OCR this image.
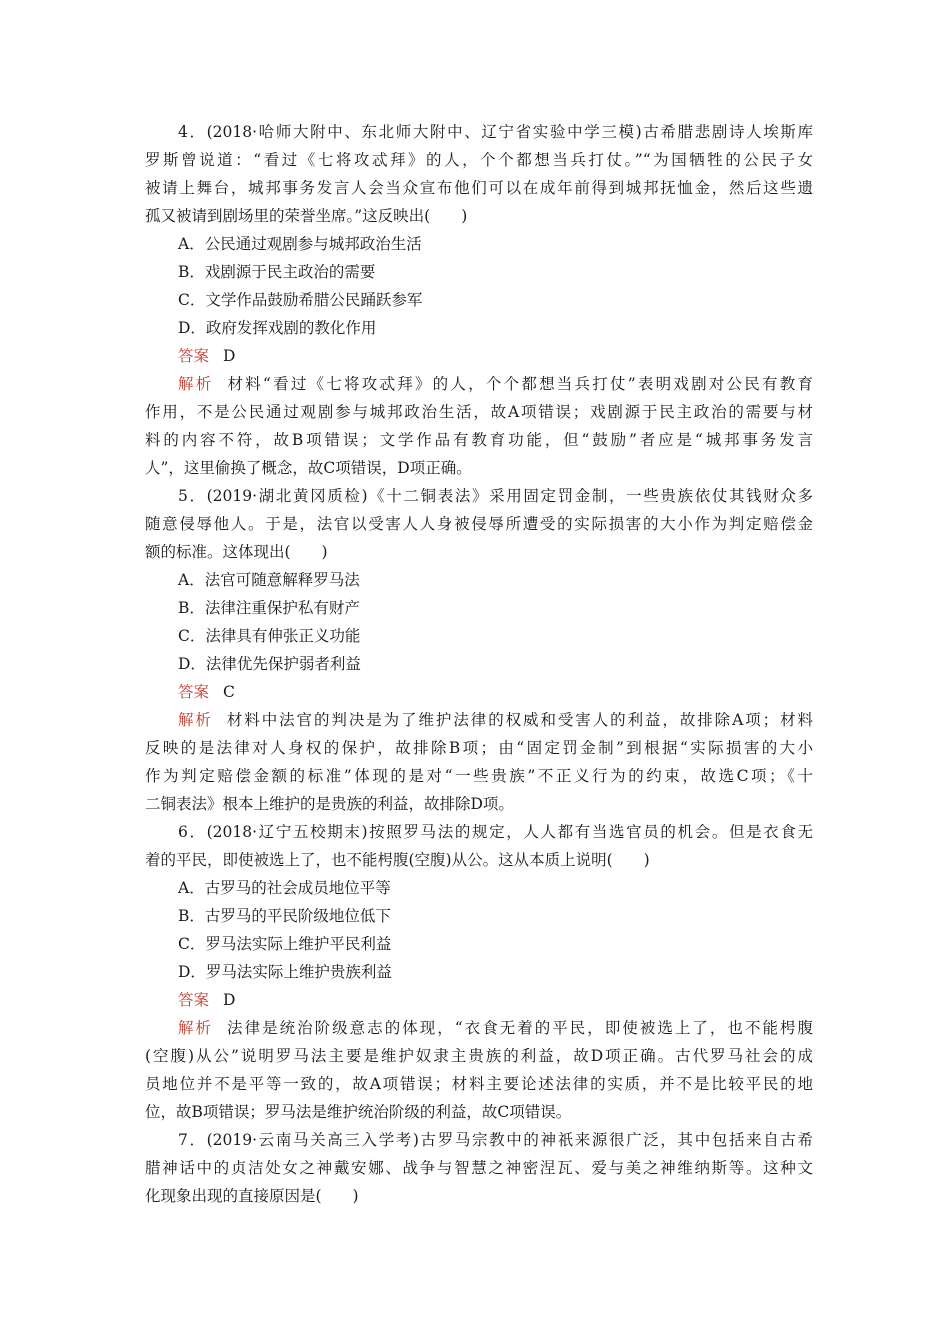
4．(2018·哈师大附中、东北师大附中、辽宁省实验中学三模)古希腊悲剧诗人埃斯库
罗斯曾说道：“看过《七将攻忒拜》的人，个个都想当兵打仗。”“为国牺牲的公民子女
被请上舞台，城邦事务发言人会当众宣布他们可以在成年前得到城邦抚恤金，然后这些遗
孤又被请到剧场里的荣誉坐席。”这反映出(　　)
A．公民通过观剧参与城邦政治生活
B．戏剧源于民主政治的需要
C．文学作品鼓励希腊公民踊跃参军
D．政府发挥戏剧的教化作用
答案 D
解析 材料“看过《七将攻忒拜》的人，个个都想当兵打仗”表明戏剧对公民有教育
作用，不是公民通过观剧参与城邦政治生活，故A项错误；戏剧源于民主政治的需要与材
料的内容不符，故B项错误；文学作品有教育功能，但“鼓励”者应是“城邦事务发言
人”，这里偷换了概念，故C项错误，D项正确。
5．(2019·湖北黄冈质检)《十二铜表法》采用固定罚金制，一些贵族依仗其钱财众多
随意侵辱他人。于是，法官以受害人人身被侵辱所遭受的实际损害的大小作为判定赔偿金
额的标准。这体现出(　　)
A．法官可随意解释罗马法
B．法律注重保护私有财产
C．法律具有伸张正义功能
D．法律优先保护弱者利益
答案 C
解析 材料中法官的判决是为了维护法律的权威和受害人的利益，故排除A项；材料
反映的是法律对人身权的保护，故排除B项；由“固定罚金制”到根据“实际损害的大小
作为判定赔偿金额的标准”体现的是对“一些贵族”不正义行为的约束，故选C项；《十
二铜表法》根本上维护的是贵族的利益，故排除D项。
6．(2018·辽宁五校期末)按照罗马法的规定，人人都有当选官员的机会。但是衣食无
着的平民，即使被选上了，也不能枵腹(空腹)从公。这从本质上说明(　　)
A．古罗马的社会成员地位平等
B．古罗马的平民阶级地位低下
C．罗马法实际上维护平民利益
D．罗马法实际上维护贵族利益
答案 D
解析 法律是统治阶级意志的体现，“衣食无着的平民，即使被选上了，也不能枵腹
(空腹)从公”说明罗马法主要是维护奴隶主贵族的利益，故D项正确。古代罗马社会的成
员地位并不是平等一致的，故A项错误；材料主要论述法律的实质，并不是比较平民的地
位，故B项错误；罗马法是维护统治阶级的利益，故C项错误。
7．(2019·云南马关高三入学考)古罗马宗教中的神祇来源很广泛，其中包括来自古希
腊神话中的贞洁处女之神戴安娜、战争与智慧之神密涅瓦、爱与美之神维纳斯等。这种文
化现象出现的直接原因是(　　)
